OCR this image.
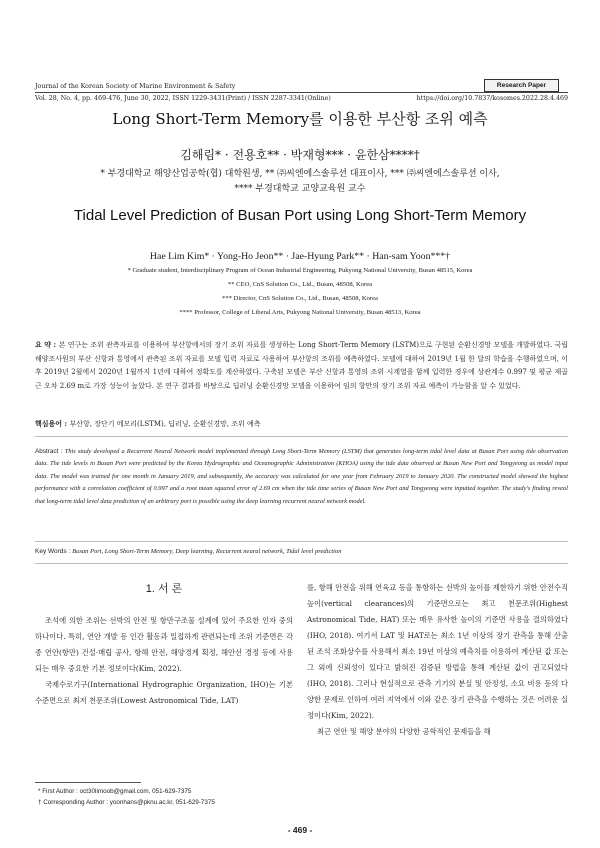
Journal of the Korean Society of Marine Environment & Safety	Research Paper
Vol. 28, No. 4, pp. 469-476, June 30, 2022, ISSN 1229-3431(Print) / ISSN 2287-3341(Online)	https://doi.org/10.7837/kosomes.2022.28.4.469
Long Short-Term Memory를 이용한 부산항 조위 예측
김해림* · 전용호** · 박재형*** · 윤한삼****†
* 부경대학교 해양산업공학(협) 대학원생, ** ㈜씨엔에스솔루션 대표이사, *** ㈜씨엔에스솔루션 이사,
**** 부경대학교 교양교육원 교수
Tidal Level Prediction of Busan Port using Long Short-Term Memory
Hae Lim Kim* · Yong-Ho Jeon** · Jae-Hyung Park** · Han-sam Yoon***†
* Graduate student, Interdisciplinary Program of Ocean Industrial Engineering, Pukyong National University, Busan 48515, Korea
** CEO, CnS Solution Co., Ltd., Busan, 48508, Korea
*** Director, CnS Solution Co., Ltd., Busan, 48508, Korea
**** Professor, College of Liberal Arts, Pukyong National University, Busan 48513, Korea
요 약 : 본 연구는 조위 관측자료를 이용하여 부산항에서의 장기 조위 자료를 생성하는 Long Short-Term Memory (LSTM)으로 구현된 순환신경망 모델을 개발하였다. 국립해양조사원의 부산 신항과 통영에서 관측된 조위 자료를 모델 입력 자료로 사용하여 부산항의 조위를 예측하였다. 모델에 대하여 2019년 1월 한 달의 학습을 수행하였으며, 이후 2019년 2월에서 2020년 1월까지 1년에 대하여 정확도를 계산하였다. 구축된 모델은 부산 신항과 통영의 조위 시계열을 함께 입력한 경우에 상관계수 0.997 및 평균 제곱근 오차 2.69 m로 가장 성능이 높았다. 본 연구 결과를 바탕으로 딥러닝 순환신경망 모델을 이용하여 임의 항만의 장기 조위 자료 예측이 가능함을 알 수 있었다.
핵심용어 : 부산항, 장단기 메모리(LSTM), 딥러닝, 순환신경망, 조위 예측
Abstract : This study developed a Recurrent Neural Network model implemented through Long Short-Term Memory (LSTM) that generates long-term tidal level data at Busan Port using tide observation data. The tide levels in Busan Port were predicted by the Korea Hydrographic and Oceanographic Administration (KHOA) using the tide data observed at Busan New Port and Tongyeong as model input data. The model was trained for one month in January 2019, and subsequently, the accuracy was calculated for one year from February 2019 to January 2020. The constructed model showed the highest performance with a correlation coefficient of 0.997 and a root mean squared error of 2.69 cm when the tide time series of Busan New Port and Tongyeong were inputted together. The study's finding reveal that long-term tidal level data prediction of an arbitrary port is possible using the deep learning recurrent neural network model.
Key Words : Busan Port, Long Short-Term Memory, Deep learning, Recurrent neural network, Tidal level prediction
1. 서 론

조석에 의한 조위는 선박의 안전 및 항만구조물 설계에 있어 주요한 인자 중의 하나이다. 특히, 연안 개발 등 인간 활동과 밀접하게 관련되는데 조위 기준면은 각종 연안(항만) 건설·매립 공사, 항해 안전, 해양경계 획정, 해안선 경정 등에 사용되는 매우 중요한 기본 정보이다(Kim, 2022).

국제수로기구(International Hydrographic Organization, IHO)는 기본수준면으로 최저 천문조위(Lowest Astronomical Tide, LAT)

를, 항해 안전을 위해 연육교 등을 통항하는 선박의 높이를 제한하기 위한 안전수직높이(vertical clearances)의 기준면으로는 최고 천문조위(Highest Astronomical Tide, HAT) 또는 매우 유사한 높이의 기준면 사용을 결의하였다(IHO, 2018). 여기서 LAT 및 HAT로는 최소 1년 이상의 장기 관측을 통해 산출된 조석 조화상수를 사용해서 최소 19년 이상의 예측치를 이용하여 계산된 값 또는 그 외에 신뢰성이 있다고 밝혀진 검증된 방법을 통해 계산된 값이 권고되었다(IHO, 2018). 그러나 현실적으로 관측 기기의 분실 및 안정성, 소요 비용 등의 다양한 문제로 인하여 여러 지역에서 이와 같은 장기 관측을 수행하는 것은 어려운 실정이다(Kim, 2022).

최근 연안 및 해양 분야의 다양한 공학적인 문제들을 해

* First Author : oct30limoob@gmail.com, 051-629-7375
† Corresponding Author : yoonhans@pknu.ac.kr, 051-629-7375
- 469 -
